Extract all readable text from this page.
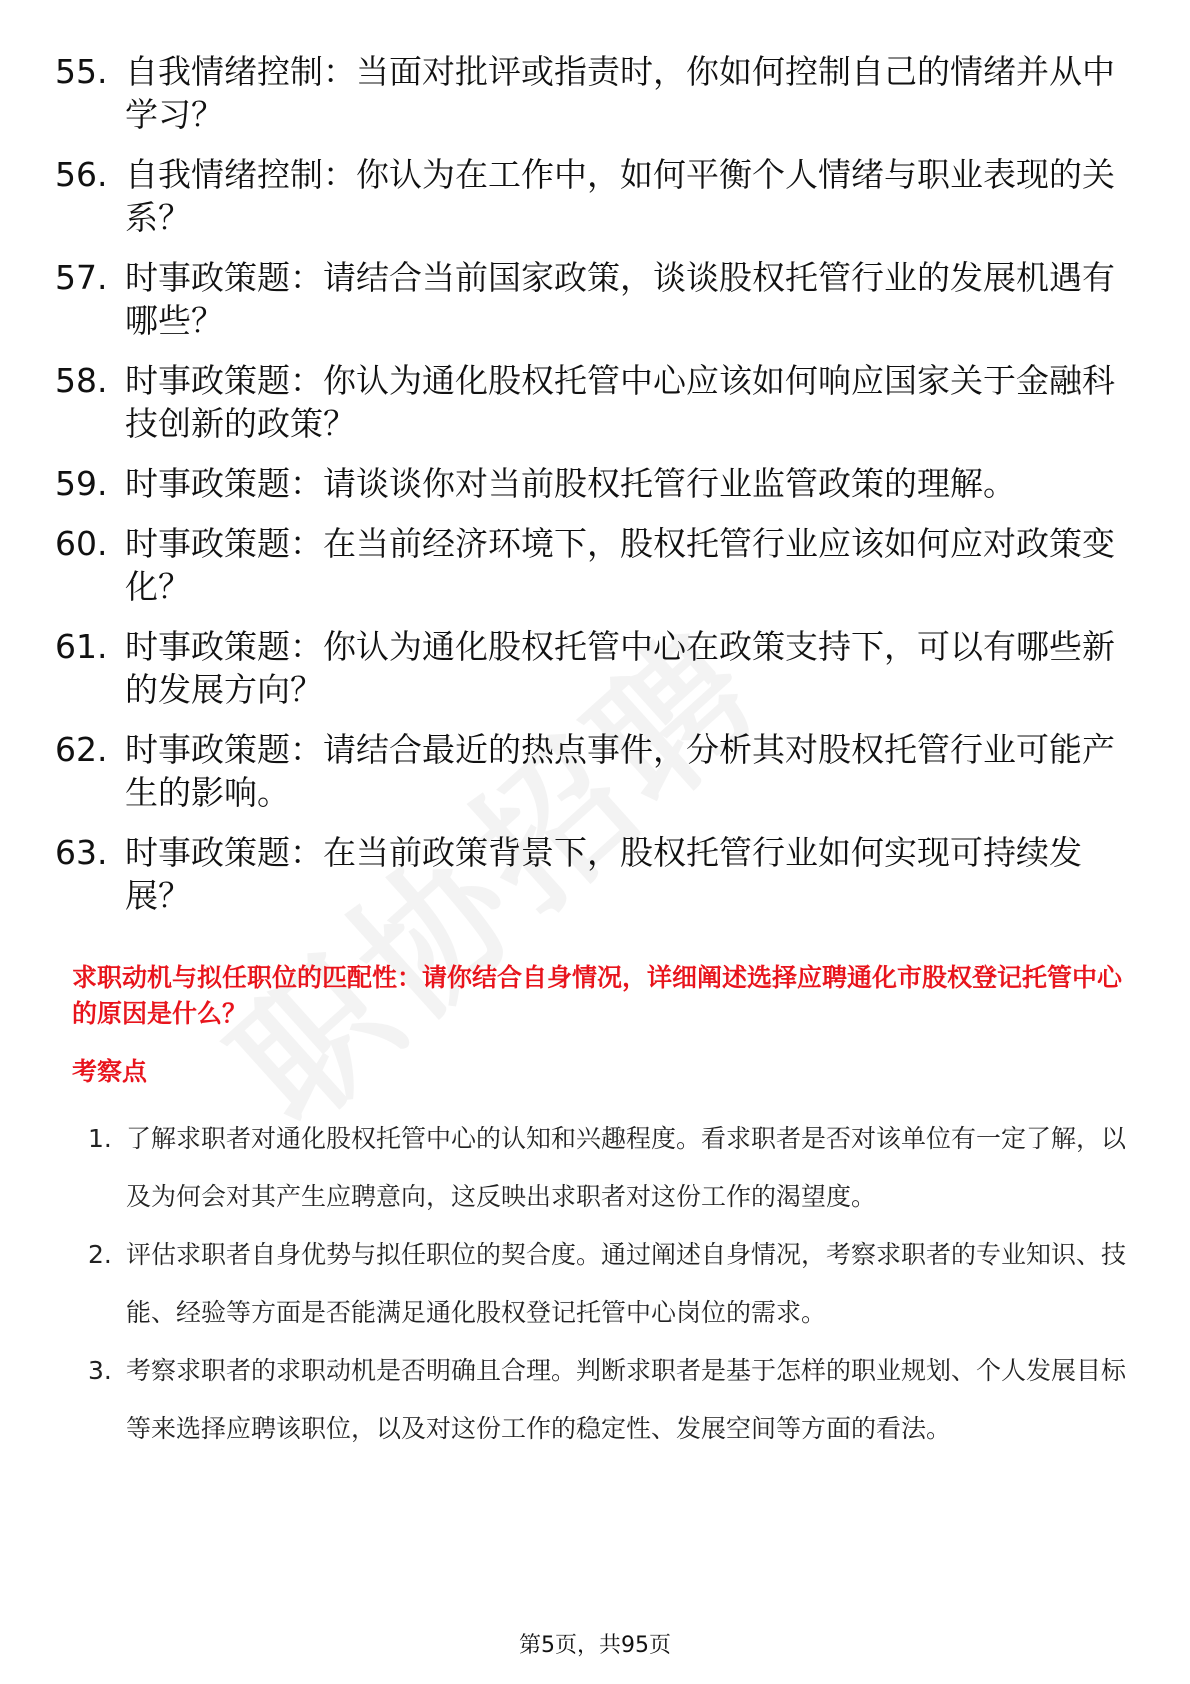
55. 自我情绪控制：当面对批评或指责时，你如何控制自己的情绪并从中学习？
56. 自我情绪控制：你认为在工作中，如何平衡个人情绪与职业表现的关系？
57. 时事政策题：请结合当前国家政策，谈谈股权托管行业的发展机遇有哪些？
58. 时事政策题：你认为通化股权托管中心应该如何响应国家关于金融科技创新的政策？
59. 时事政策题：请谈谈你对当前股权托管行业监管政策的理解。
60. 时事政策题：在当前经济环境下，股权托管行业应该如何应对政策变化？
61. 时事政策题：你认为通化股权托管中心在政策支持下，可以有哪些新的发展方向？
62. 时事政策题：请结合最近的热点事件，分析其对股权托管行业可能产生的影响。
63. 时事政策题：在当前政策背景下，股权托管行业如何实现可持续发展？
求职动机与拟任职位的匹配性：请你结合自身情况，详细阐述选择应聘通化市股权登记托管中心的原因是什么？
考察点
1. 了解求职者对通化股权托管中心的认知和兴趣程度。看求职者是否对该单位有一定了解，以及为何会对其产生应聘意向，这反映出求职者对这份工作的渴望度。
2. 评估求职者自身优势与拟任职位的契合度。通过阐述自身情况，考察求职者的专业知识、技能、经验等方面是否能满足通化股权登记托管中心岗位的需求。
3. 考察求职者的求职动机是否明确且合理。判断求职者是基于怎样的职业规划、个人发展目标等来选择应聘该职位，以及对这份工作的稳定性、发展空间等方面的看法。
第5页，共95页
